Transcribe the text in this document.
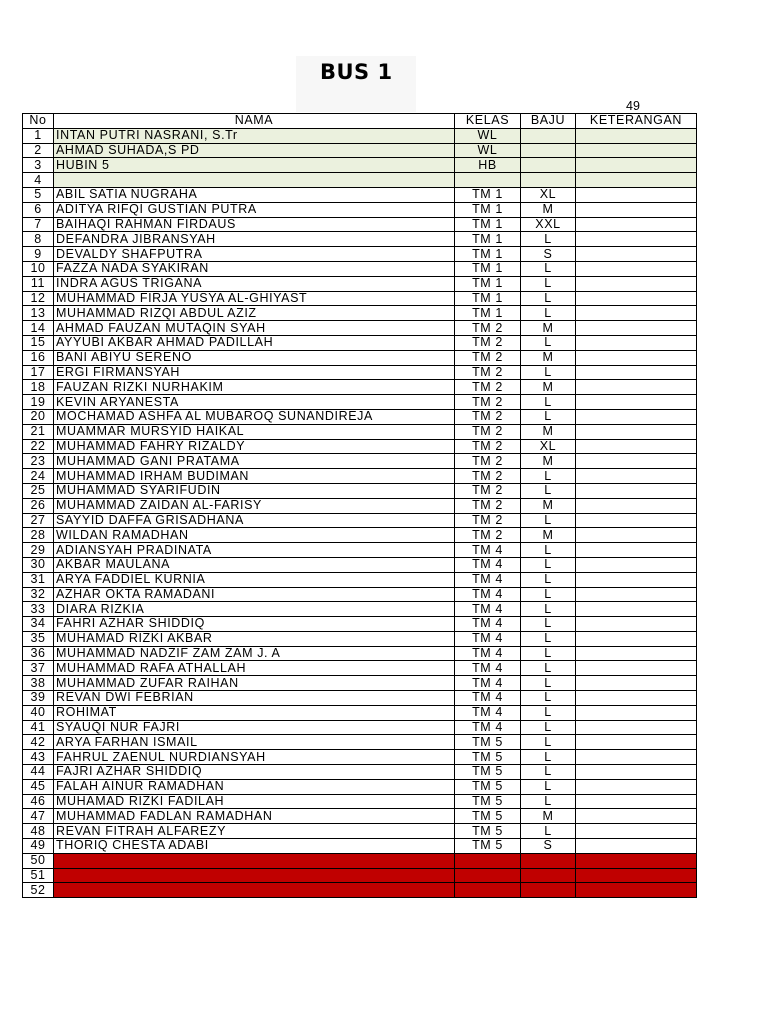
BUS 1
49
No	NAMA	KELAS	BAJU	KETERANGAN
1	INTAN PUTRI NASRANI, S.Tr	WL		
2	AHMAD SUHADA,S PD	WL		
3	HUBIN 5	HB		
4				
5	ABIL SATIA NUGRAHA	TM 1	XL	
6	ADITYA RIFQI GUSTIAN PUTRA	TM 1	M	
7	BAIHAQI RAHMAN FIRDAUS	TM 1	XXL	
8	DEFANDRA JIBRANSYAH	TM 1	L	
9	DEVALDY SHAFPUTRA	TM 1	S	
10	FAZZA NADA SYAKIRAN	TM 1	L	
11	INDRA AGUS TRIGANA	TM 1	L	
12	MUHAMMAD FIRJA YUSYA AL-GHIYAST	TM 1	L	
13	MUHAMMAD RIZQI ABDUL AZIZ	TM 1	L	
14	AHMAD FAUZAN MUTAQIN SYAH	TM 2	M	
15	AYYUBI AKBAR AHMAD PADILLAH	TM 2	L	
16	BANI ABIYU SERENO	TM 2	M	
17	ERGI FIRMANSYAH	TM 2	L	
18	FAUZAN RIZKI NURHAKIM	TM 2	M	
19	KEVIN ARYANESTA	TM 2	L	
20	MOCHAMAD ASHFA AL MUBAROQ SUNANDIREJA	TM 2	L	
21	MUAMMAR MURSYID HAIKAL	TM 2	M	
22	MUHAMMAD FAHRY RIZALDY	TM 2	XL	
23	MUHAMMAD GANI PRATAMA	TM 2	M	
24	MUHAMMAD IRHAM BUDIMAN	TM 2	L	
25	MUHAMMAD SYARIFUDIN	TM 2	L	
26	MUHAMMAD ZAIDAN AL-FARISY	TM 2	M	
27	SAYYID DAFFA GRISADHANA	TM 2	L	
28	WILDAN RAMADHAN	TM 2	M	
29	ADIANSYAH PRADINATA	TM 4	L	
30	AKBAR MAULANA	TM 4	L	
31	ARYA FADDIEL KURNIA	TM 4	L	
32	AZHAR OKTA RAMADANI	TM 4	L	
33	DIARA RIZKIA	TM 4	L	
34	FAHRI AZHAR SHIDDIQ	TM 4	L	
35	MUHAMAD RIZKI AKBAR	TM 4	L	
36	MUHAMMAD NADZIF ZAM ZAM J. A	TM 4	L	
37	MUHAMMAD RAFA ATHALLAH	TM 4	L	
38	MUHAMMAD ZUFAR RAIHAN	TM 4	L	
39	REVAN DWI FEBRIAN	TM 4	L	
40	ROHIMAT	TM 4	L	
41	SYAUQI NUR FAJRI	TM 4	L	
42	ARYA FARHAN ISMAIL	TM 5	L	
43	FAHRUL ZAENUL NURDIANSYAH	TM 5	L	
44	FAJRI AZHAR SHIDDIQ	TM 5	L	
45	FALAH AINUR RAMADHAN	TM 5	L	
46	MUHAMAD RIZKI FADILAH	TM 5	L	
47	MUHAMMAD FADLAN RAMADHAN	TM 5	M	
48	REVAN FITRAH ALFAREZY	TM 5	L	
49	THORIQ CHESTA ADABI	TM 5	S	
50				
51				
52				
